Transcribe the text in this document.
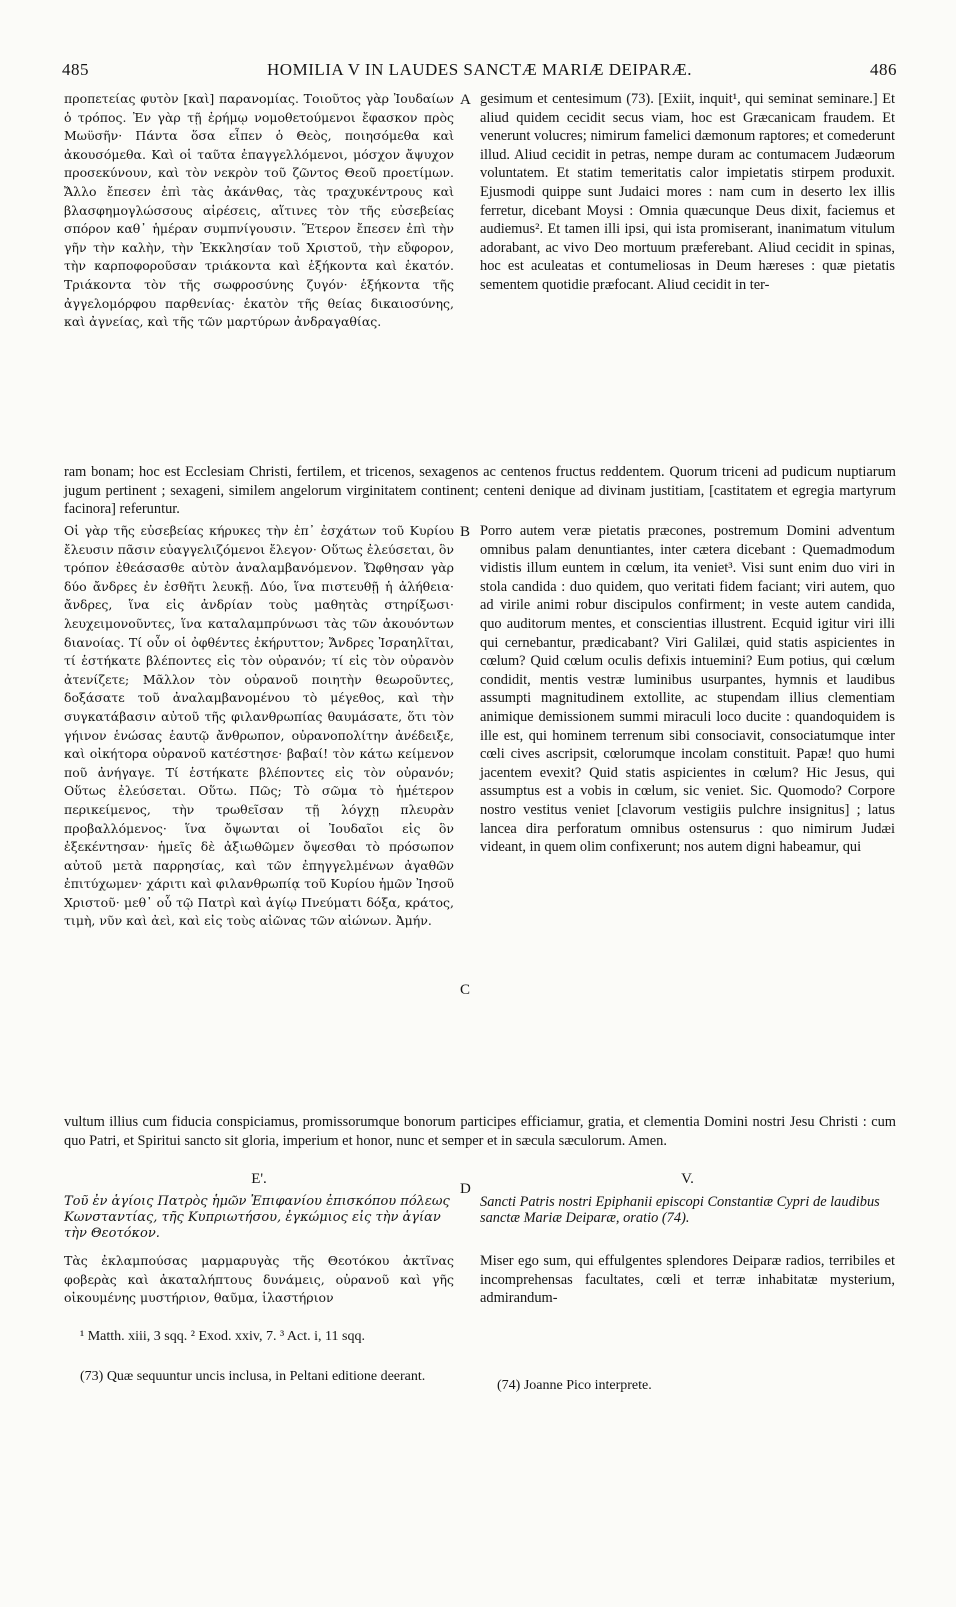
485	HOMILIA V IN LAUDES SANCTÆ MARIÆ DEIPARÆ.	486

προπετείας φυτὸν [καὶ] παρανομίας. Τοιοῦτος γὰρ Ἰουδαίων ὁ τρόπος. Ἐν γὰρ τῇ ἐρήμῳ νομοθετούμενοι ἔφασκον πρὸς Μωϋσῆν· Πάντα ὅσα εἶπεν ὁ Θεὸς, ποιησόμεθα καὶ ἀκουσόμεθα. Καὶ οἱ ταῦτα ἐπαγγελλόμενοι, μόσχον ἄψυχον προσεκύνουν, καὶ τὸν νεκρὸν τοῦ ζῶντος Θεοῦ προετίμων. Ἄλλο ἔπεσεν ἐπὶ τὰς ἀκάνθας, τὰς τραχυκέντρους καὶ βλασφημογλώσσους αἱρέσεις, αἵτινες τὸν τῆς εὐσεβείας σπόρον καθ᾽ ἡμέραν συμπνίγουσιν. Ἕτερον ἔπεσεν ἐπὶ τὴν γῆν τὴν καλὴν, τὴν Ἐκκλησίαν τοῦ Χριστοῦ, τὴν εὔφορον, τὴν καρποφοροῦσαν τριάκοντα καὶ ἑξήκοντα καὶ ἑκατόν. Τριάκοντα τὸν τῆς σωφροσύνης ζυγόν· ἑξήκοντα τῆς ἀγγελομόρφου παρθενίας· ἑκατὸν τῆς θείας δικαιοσύνης, καὶ ἀγνείας, καὶ τῆς τῶν μαρτύρων ἀνδραγαθίας.

A gesimum et centesimum (73). [Exiit, inquit¹, qui seminat seminare.] Et aliud quidem cecidit secus viam, hoc est Græcanicam fraudem. Et venerunt volucres; nimirum famelici dæmonum raptores; et comederunt illud. Aliud cecidit in petras, nempe duram ac contumacem Judæorum voluntatem. Et statim temeritatis calor impietatis stirpem produxit. Ejusmodi quippe sunt Judaici mores : nam cum in deserto lex illis ferretur, dicebant Moysi : Omnia quæcunque Deus dixit, faciemus et audiemus². Et tamen illi ipsi, qui ista promiserant, inanimatum vitulum adorabant, ac vivo Deo mortuum præferebant. Aliud cecidit in spinas, hoc est aculeatas et contumeliosas in Deum hæreses : quæ pietatis sementem quotidie præfocant. Aliud cecidit in ter-

ram bonam; hoc est Ecclesiam Christi, fertilem, et tricenos, sexagenos ac centenos fructus reddentem. Quorum triceni ad pudicum nuptiarum jugum pertinent ; sexageni, similem angelorum virginitatem continent; centeni denique ad divinam justitiam, [castitatem et egregia martyrum facinora] referuntur.

Οἱ γὰρ τῆς εὐσεβείας κήρυκες τὴν ἐπ᾽ ἐσχάτων τοῦ Κυρίου ἔλευσιν πᾶσιν εὐαγγελιζόμενοι ἔλεγον· Οὕτως ἐλεύσεται, ὃν τρόπον ἐθεάσασθε αὐτὸν ἀναλαμβανόμενον. Ὤφθησαν γὰρ δύο ἄνδρες ἐν ἐσθῆτι λευκῇ. Δύο, ἵνα πιστευθῇ ἡ ἀλήθεια· ἄνδρες, ἵνα εἰς ἀνδρίαν τοὺς μαθητὰς στηρίξωσι· λευχειμονοῦντες, ἵνα καταλαμπρύνωσι τὰς τῶν ἀκουόντων διανοίας. Τί οὖν οἱ ὀφθέντες ἐκήρυττον; Ἄνδρες Ἰσραηλῖται, τί ἑστήκατε βλέποντες εἰς τὸν οὐρανόν; τί εἰς τὸν οὐρανὸν ἀτενίζετε; Μᾶλλον τὸν οὐρανοῦ ποιητὴν θεωροῦντες, δοξάσατε τοῦ ἀναλαμβανομένου τὸ μέγεθος, καὶ τὴν συγκατάβασιν αὐτοῦ τῆς φιλανθρωπίας θαυμάσατε, ὅτι τὸν γήινον ἑνώσας ἑαυτῷ ἄνθρωπον, οὐρανοπολίτην ἀνέδειξε, καὶ οἰκήτορα οὐρανοῦ κατέστησε· βαβαί! τὸν κάτω κείμενον ποῦ ἀνήγαγε. Τί ἑστήκατε βλέποντες εἰς τὸν οὐρανόν; Οὕτως ἐλεύσεται. Οὕτω. Πῶς; Τὸ σῶμα τὸ ἡμέτερον περικείμενος, τὴν τρωθεῖσαν τῇ λόγχῃ πλευρὰν προβαλλόμενος· ἵνα ὄψωνται οἱ Ἰουδαῖοι εἰς ὃν ἐξεκέντησαν· ἡμεῖς δὲ ἀξιωθῶμεν ὄψεσθαι τὸ πρόσωπον αὐτοῦ μετὰ παρρησίας, καὶ τῶν ἐπηγγελμένων ἀγαθῶν ἐπιτύχωμεν· χάριτι καὶ φιλανθρωπίᾳ τοῦ Κυρίου ἡμῶν Ἰησοῦ Χριστοῦ· μεθ᾽ οὗ τῷ Πατρὶ καὶ ἁγίῳ Πνεύματι δόξα, κράτος, τιμὴ, νῦν καὶ ἀεὶ, καὶ εἰς τοὺς αἰῶνας τῶν αἰώνων. Ἀμήν.

B
C

Porro autem veræ pietatis præcones, postremum Domini adventum omnibus palam denuntiantes, inter cætera dicebant : Quemadmodum vidistis illum euntem in cœlum, ita veniet³. Visi sunt enim duo viri in stola candida : duo quidem, quo veritati fidem faciant; viri autem, quo ad virile animi robur discipulos confirment; in veste autem candida, quo auditorum mentes, et conscientias illustrent. Ecquid igitur viri illi qui cernebantur, prædicabant? Viri Galilæi, quid statis aspicientes in cœlum? Quid cœlum oculis defixis intuemini? Eum potius, qui cœlum condidit, mentis vestræ luminibus usurpantes, hymnis et laudibus assumpti magnitudinem extollite, ac stupendam illius clementiam animique demissionem summi miraculi loco ducite : quandoquidem is ille est, qui hominem terrenum sibi consociavit, consociatumque inter cœli cives ascripsit, cœlorumque incolam constituit. Papæ! quo humi jacentem evexit? Quid statis aspicientes in cœlum? Hic Jesus, qui assumptus est a vobis in cœlum, sic veniet. Sic. Quomodo? Corpore nostro vestitus veniet [clavorum vestigiis pulchre insignitus] ; latus lancea dira perforatum omnibus ostensurus : quo nimirum Judæi videant, in quem olim confixerunt; nos autem digni habeamur, qui

vultum illius cum fiducia conspiciamus, promissorumque bonorum participes efficiamur, gratia, et clementia Domini nostri Jesu Christi : cum quo Patri, et Spiritui sancto sit gloria, imperium et honor, nunc et semper et in sæcula sæculorum. Amen.

Ε'.
D
V.
Τοῦ ἐν ἁγίοις Πατρὸς ἡμῶν Ἐπιφανίου ἐπισκόπου πόλεως Κωνσταντίας, τῆς Κυπριωτήσου, ἐγκώμιος εἰς τὴν ἁγίαν τὴν Θεοτόκον.
Sancti Patris nostri Epiphanii episcopi Constantiæ Cypri de laudibus sanctæ Mariæ Deiparæ, oratio (74).

Τὰς ἐκλαμπούσας μαρμαρυγὰς τῆς Θεοτόκου ἀκτῖνας φοβερὰς καὶ ἀκαταλήπτους δυνάμεις, οὐρανοῦ καὶ γῆς οἰκουμένης μυστήριον, θαῦμα, ἱλαστήριον

Miser ego sum, qui effulgentes splendores Deiparæ radios, terribiles et incomprehensas facultates, cœli et terræ inhabitatæ mysterium, admirandum-

¹ Matth. xiii, 3 sqq. ² Exod. xxiv, 7. ³ Act. i, 11 sqq.
(73) Quæ sequuntur uncis inclusa, in Peltani editione deerant.
(74) Joanne Pico interprete.
